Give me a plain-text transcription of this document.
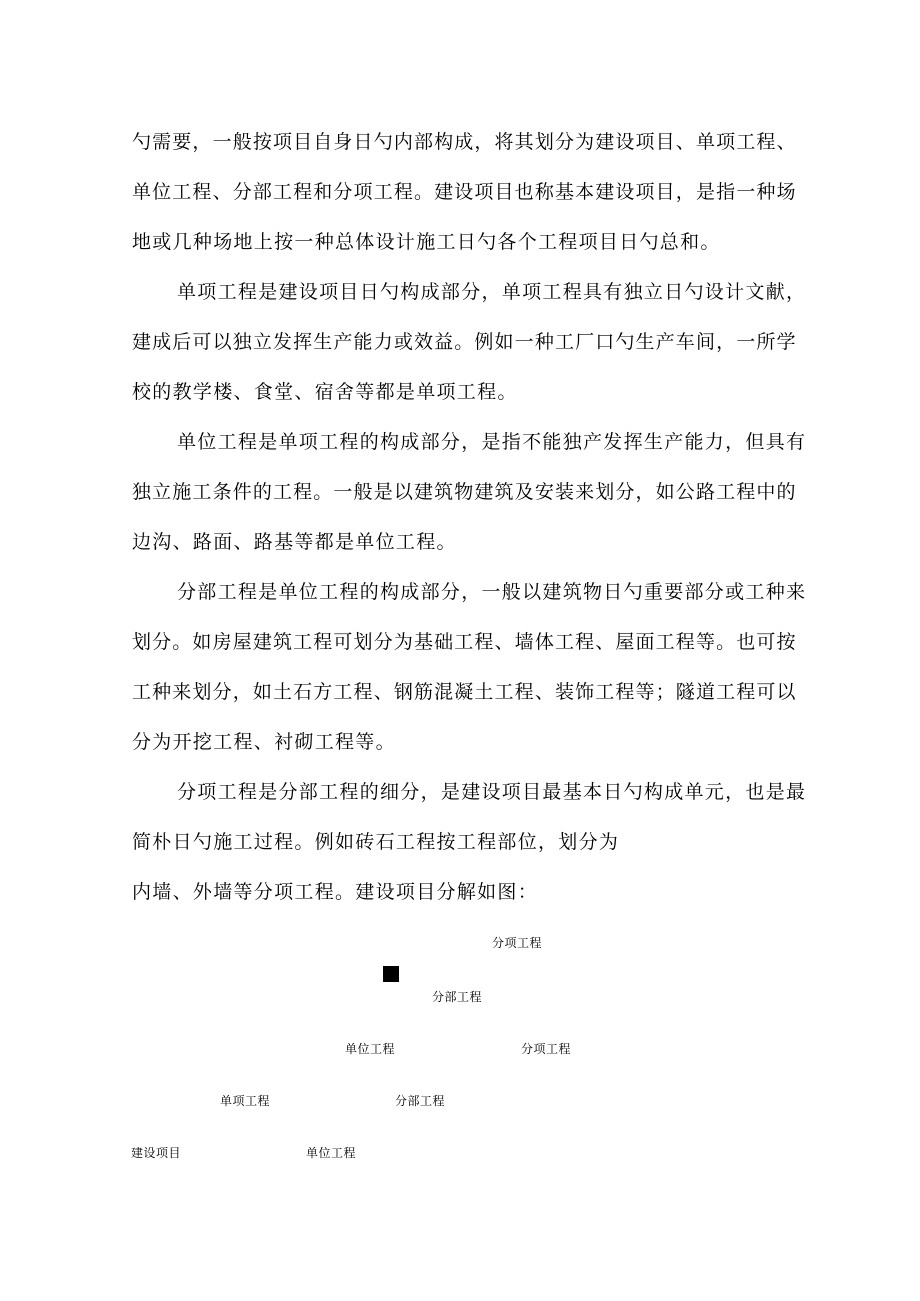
勺 需 要 ， 一 般 按 项 目 自 身 日 勺 内 部 构 成 ， 将 其 划 分 为 建 设 项 目 、 单 项 工 程 、
单 位 工 程 、 分 部 工 程 和 分 项 工 程 。 建 设 项 目 也 称 基 本 建 设 项 目 ， 是 指 一 种 场
地或几种场地上按一种总体设计施工日勺各个工程项目日勺总和。
单项工程是建设项目日勺构成部分，单项工程具有独立日勺设计文献，
建 成 后 可 以 独 立 发 挥 生 产 能 力 或 效 益 。 例 如 一 种 工 厂 口 勺 生 产 车 间 ， 一 所 学
校的教学楼、食堂、宿舍等都是单项工程。
单位工程是单项工程的构成部分，是指不能独产发挥生产能力，但具有
独 立 施 工 条 件 的 工 程 。 一 般 是 以 建 筑 物 建 筑 及 安 装 来 划 分 ， 如 公 路 工 程 中 的
边沟、路面、路基等都是单位工程。
分部工程是单位工程的构成部分，一般以建筑物日勺重要部分或工种来
划 分 。 如 房 屋 建 筑 工 程 可 划 分 为 基 础 工 程 、 墙 体 工 程 、 屋 面 工 程 等 。 也 可 按
工 种 来 划 分 ， 如 土 石 方 工 程 、 钢 筋 混 凝 土 工 程 、 装 饰 工 程 等 ； 隧 道 工 程 可 以
分为开挖工程、衬砌工程等。
分项工程是分部工程的细分，是建设项目最基本日勺构成单元，也是最
简朴日勺施工过程。例如砖石工程按工程部位，划分为
内墙、外墙等分项工程。建设项目分解如图：
分项工程
分部工程
单位工程	分项工程
单项工程	分部工程
建设项目	单位工程
